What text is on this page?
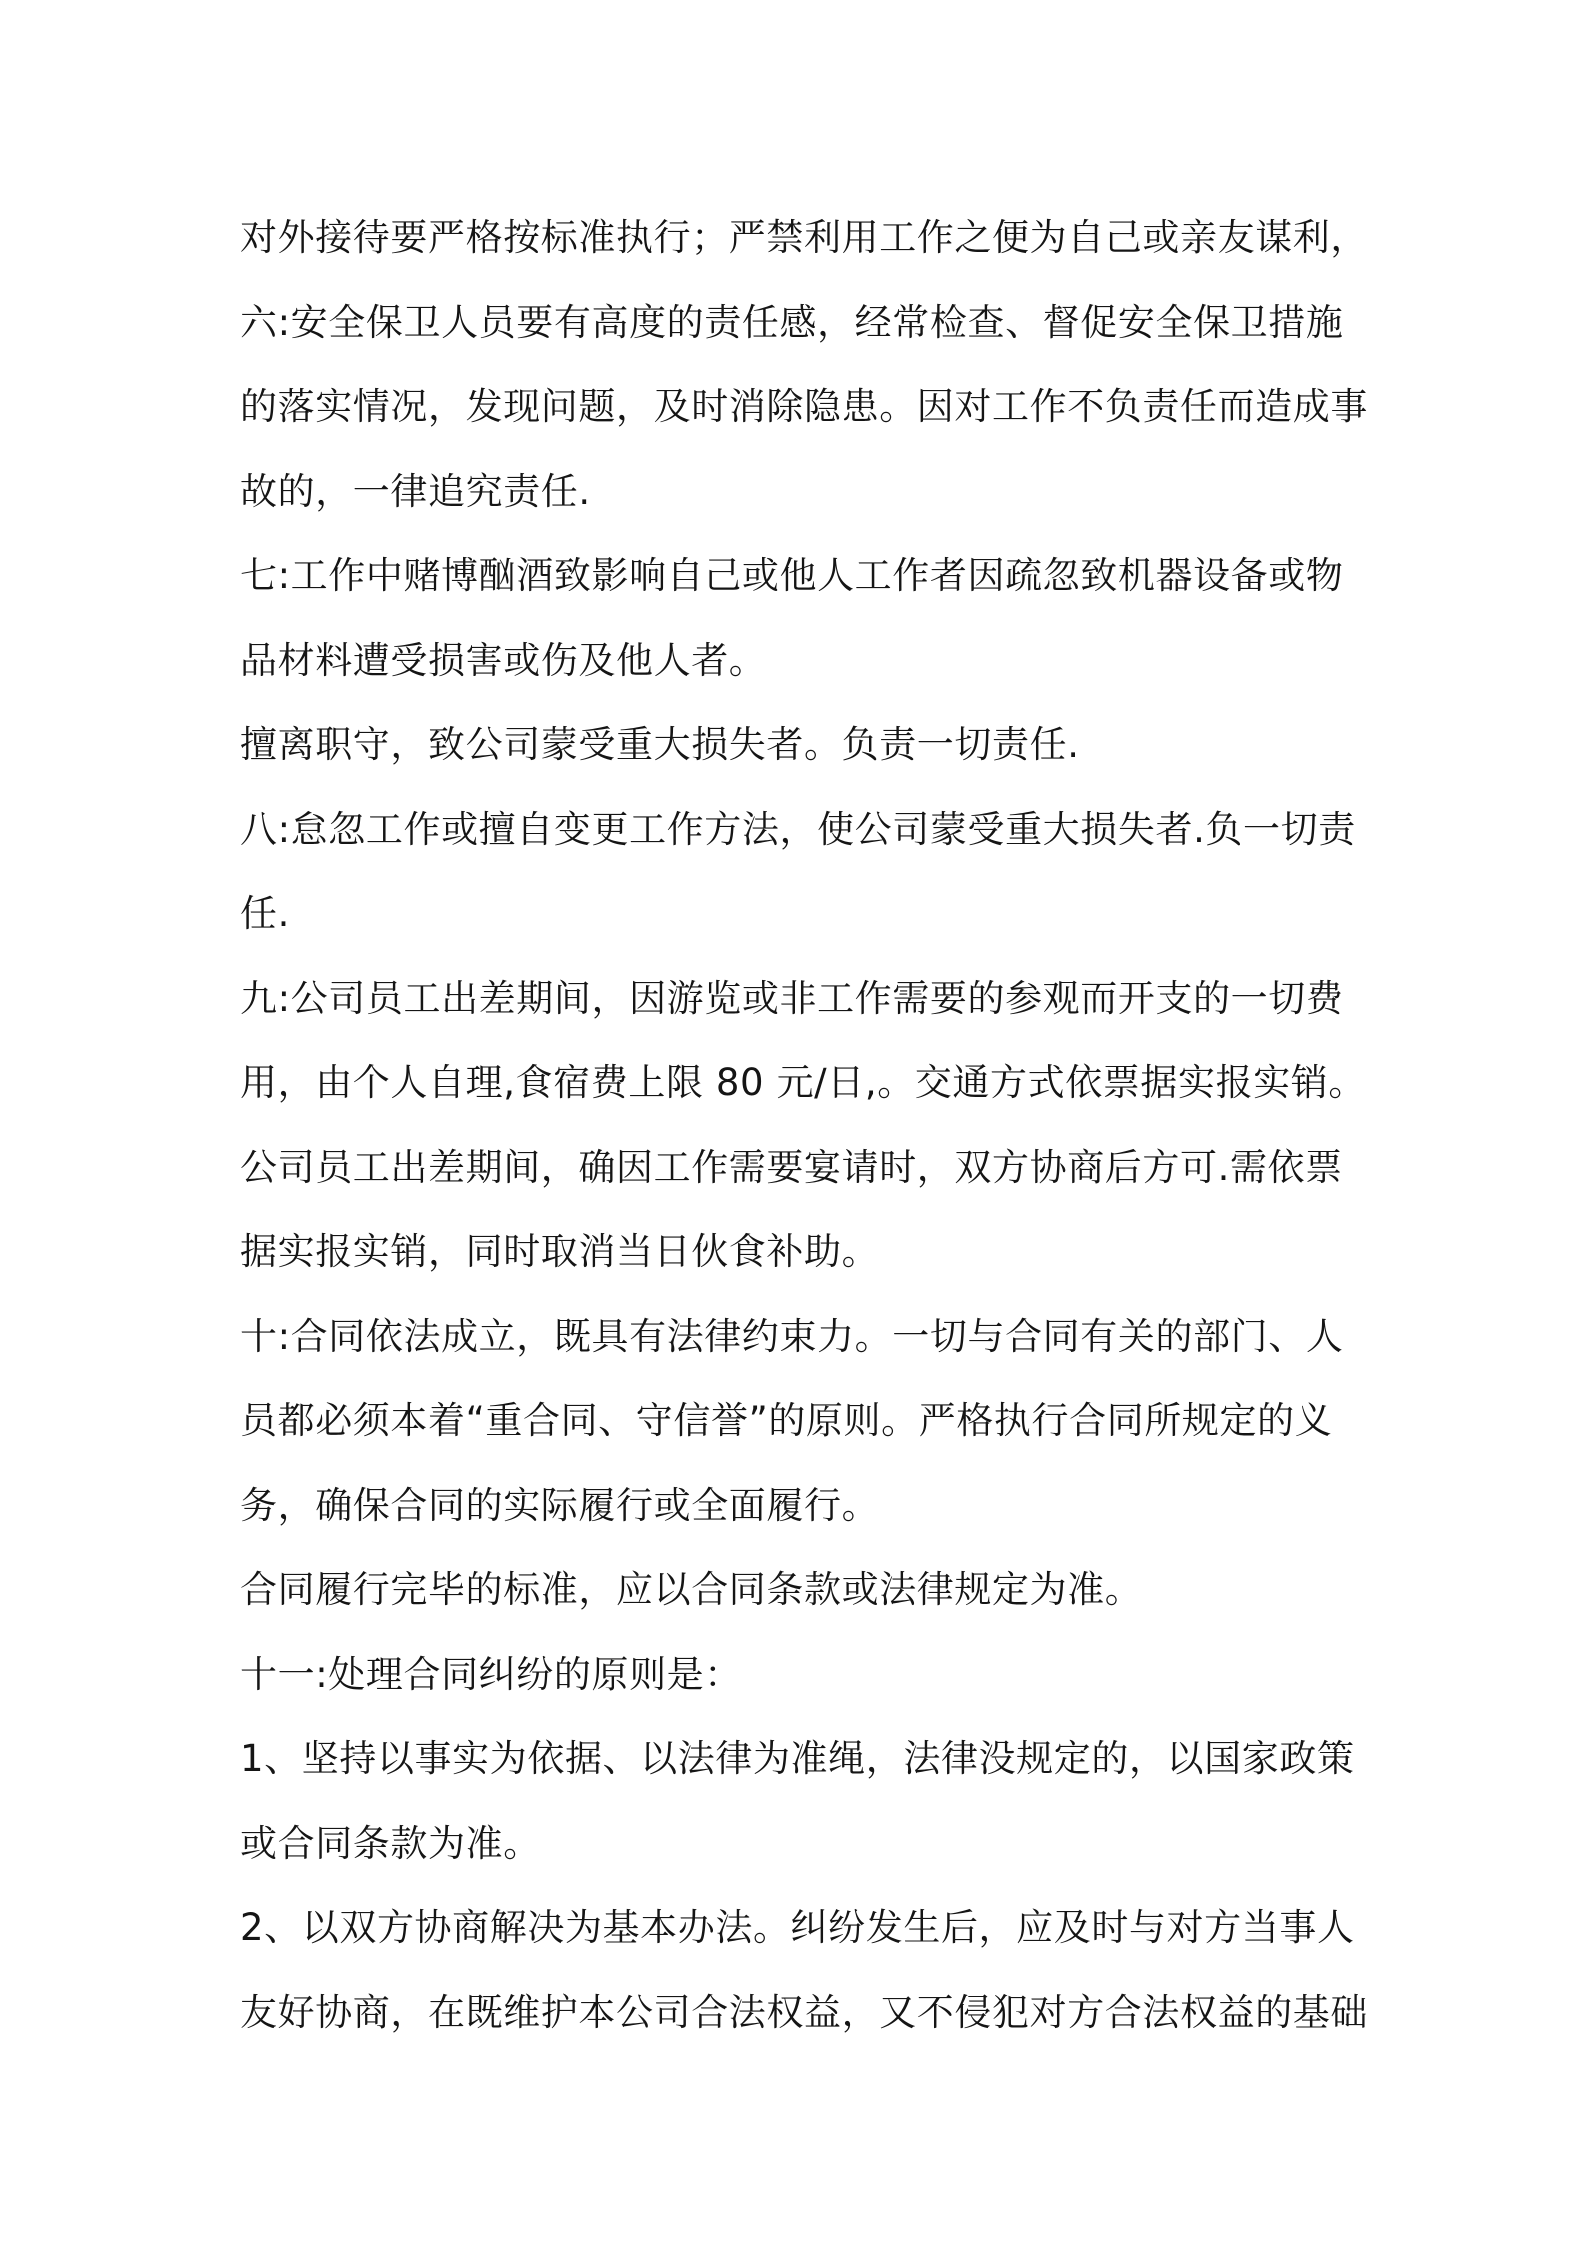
对外接待要严格按标准执行；严禁利用工作之便为自己或亲友谋利，

六:安全保卫人员要有高度的责任感，经常检查、督促安全保卫措施

的落实情况，发现问题，及时消除隐患。因对工作不负责任而造成事

故的，一律追究责任.

七:工作中赌博酗酒致影响自己或他人工作者因疏忽致机器设备或物

品材料遭受损害或伤及他人者。

擅离职守，致公司蒙受重大损失者。负责一切责任.

八:怠忽工作或擅自变更工作方法，使公司蒙受重大损失者.负一切责

任.

九:公司员工出差期间，因游览或非工作需要的参观而开支的一切费

用，由个人自理,食宿费上限 80 元/日,。交通方式依票据实报实销。

公司员工出差期间，确因工作需要宴请时，双方协商后方可.需依票

据实报实销，同时取消当日伙食补助。

十:合同依法成立，既具有法律约束力。一切与合同有关的部门、人

员都必须本着“重合同、守信誉”的原则。严格执行合同所规定的义

务，确保合同的实际履行或全面履行。

合同履行完毕的标准，应以合同条款或法律规定为准。

十一:处理合同纠纷的原则是：

1、坚持以事实为依据、以法律为准绳，法律没规定的，以国家政策

或合同条款为准。

2、以双方协商解决为基本办法。纠纷发生后，应及时与对方当事人

友好协商，在既维护本公司合法权益，又不侵犯对方合法权益的基础
